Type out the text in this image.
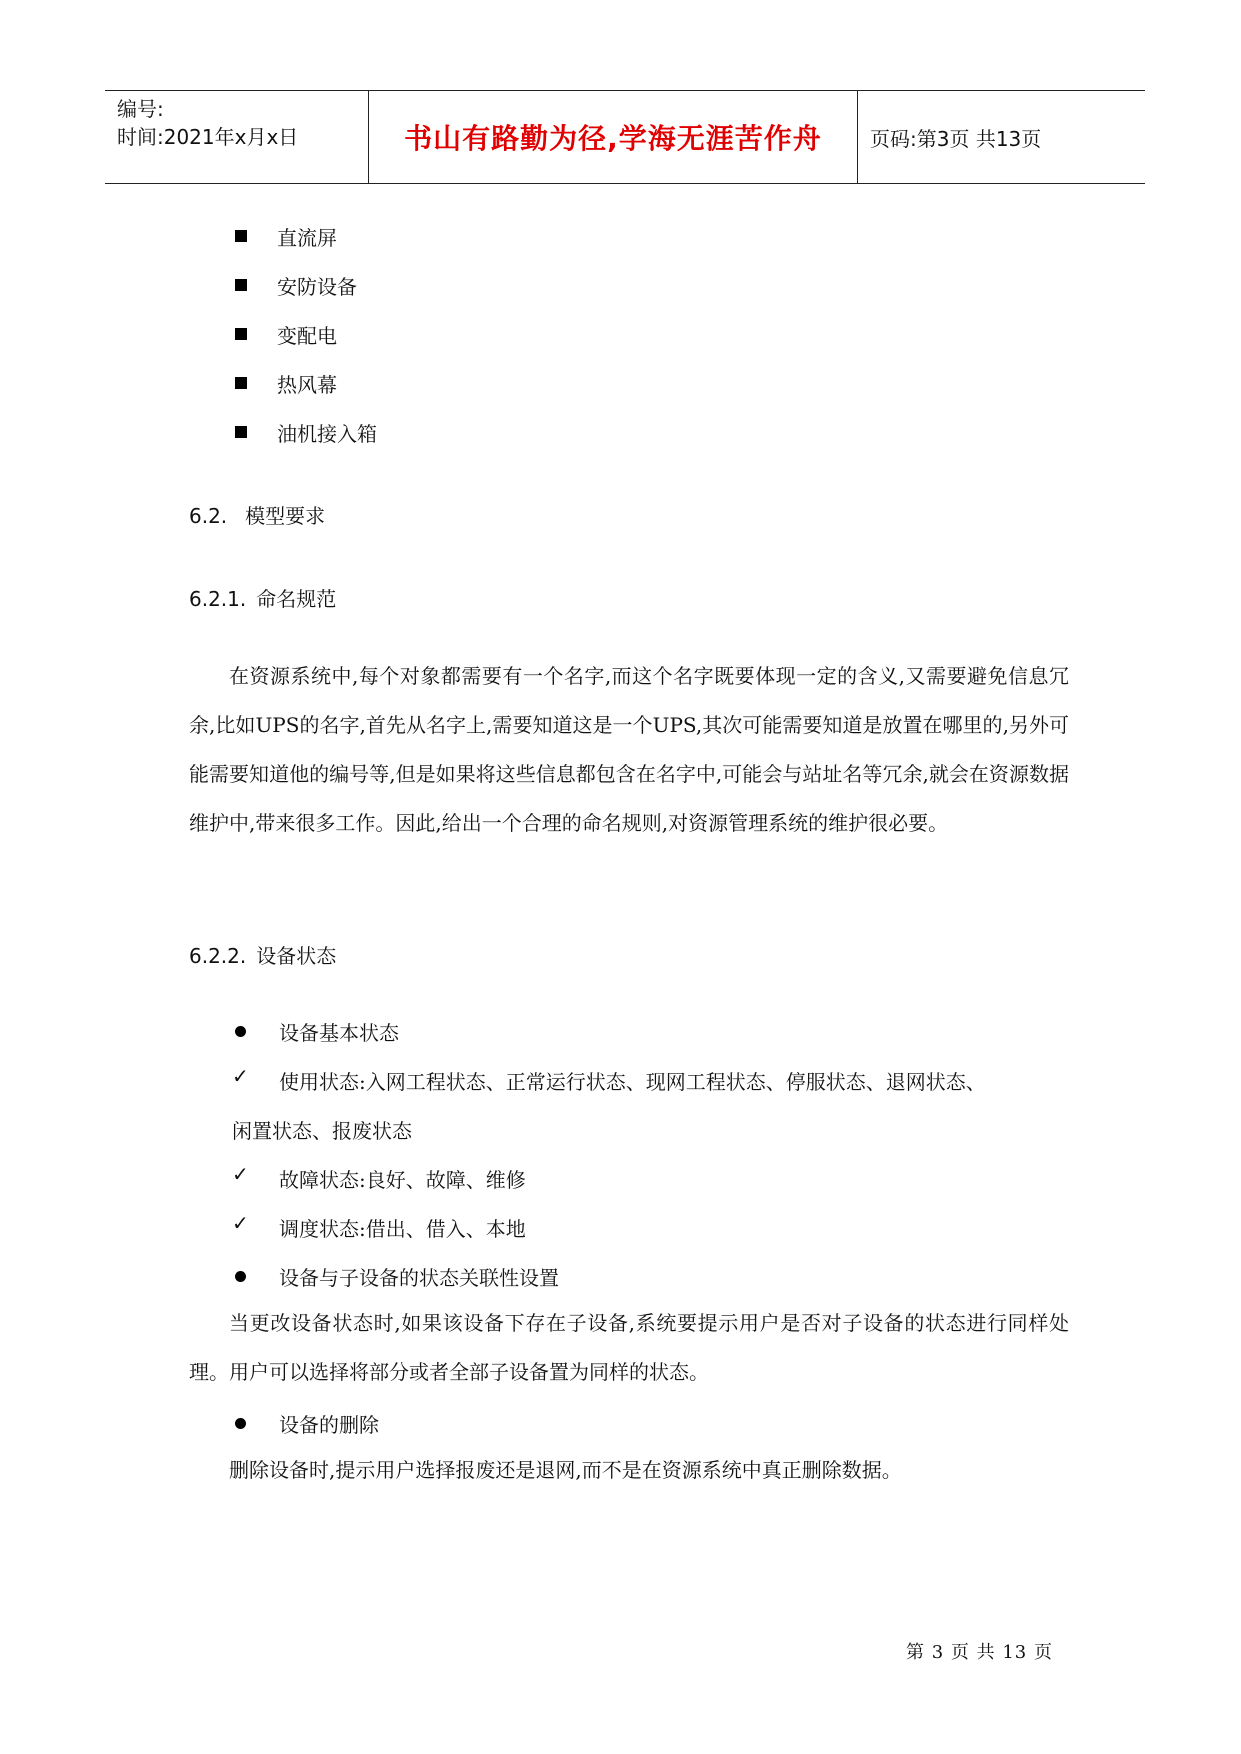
编号:
时间:2021年x月x日	书山有路勤为径,学海无涯苦作舟 页码:第3页 共13页
直流屏
安防设备
变配电
热风幕
油机接入箱
6.2. 模型要求
6.2.1. 命名规范
在资源系统中,每个对象都需要有一个名字,而这个名字既要体现一定的含义,又需要避免信息冗余,比如UPS的名字,首先从名字上,需要知道这是一个UPS,其次可能需要知道是放置在哪里的,另外可能需要知道他的编号等,但是如果将这些信息都包含在名字中,可能会与站址名等冗余,就会在资源数据维护中,带来很多工作。因此,给出一个合理的命名规则,对资源管理系统的维护很必要。
6.2.2. 设备状态
设备基本状态
✓ 使用状态:入网工程状态、正常运行状态、现网工程状态、停服状态、退网状态、
闲置状态、报废状态
✓ 故障状态:良好、故障、维修
✓ 调度状态:借出、借入、本地
设备与子设备的状态关联性设置
当更改设备状态时,如果该设备下存在子设备,系统要提示用户是否对子设备的状态进行同样处理。用户可以选择将部分或者全部子设备置为同样的状态。
设备的删除
删除设备时,提示用户选择报废还是退网,而不是在资源系统中真正删除数据。
第 3 页 共 13 页
